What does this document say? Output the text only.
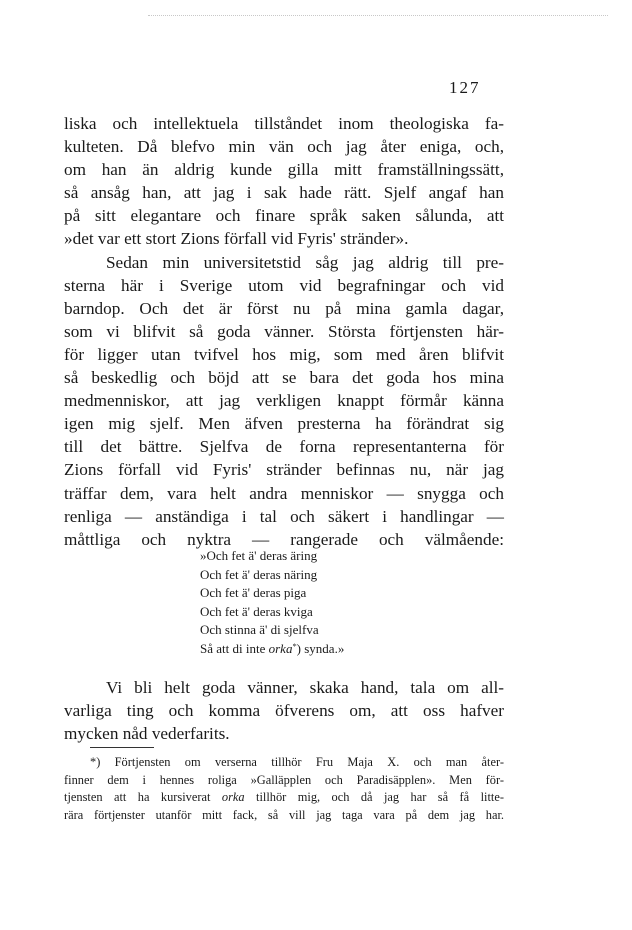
127
liska och intellektuela tillståndet inom theologiska fa-
kulteten. Då blefvo min vän och jag åter eniga, och,
om han än aldrig kunde gilla mitt framställningssätt,
så ansåg han, att jag i sak hade rätt. Sjelf angaf han
på sitt elegantare och finare språk saken sålunda, att
»det var ett stort Zions förfall vid Fyris' stränder».
Sedan min universitetstid såg jag aldrig till pre-
sterna här i Sverige utom vid begrafningar och vid
barndop. Och det är först nu på mina gamla dagar,
som vi blifvit så goda vänner. Största förtjensten här-
för ligger utan tvifvel hos mig, som med åren blifvit
så beskedlig och böjd att se bara det goda hos mina
medmenniskor, att jag verkligen knappt förmår känna
igen mig sjelf. Men äfven presterna ha förändrat sig
till det bättre. Sjelfva de forna representanterna för
Zions förfall vid Fyris' stränder befinnas nu, när jag
träffar dem, vara helt andra menniskor — snygga och
renliga — anständiga i tal och säkert i handlingar —
måttliga och nyktra — rangerade och välmående:
»Och fet ä' deras äring
Och fet ä' deras näring
Och fet ä' deras piga
Och fet ä' deras kviga
Och stinna ä' di sjelfva
Så att di inte orka*) synda.»
Vi bli helt goda vänner, skaka hand, tala om all-
varliga ting och komma öfverens om, att oss hafver
mycken nåd vederfarits.
*) Förtjensten om verserna tillhör Fru Maja X. och man åter-
finner dem i hennes roliga »Galläpplen och Paradisäpplen». Men för-
tjensten att ha kursiverat orka tillhör mig, och då jag har så få litte-
rära förtjenster utanför mitt fack, så vill jag taga vara på dem jag har.
